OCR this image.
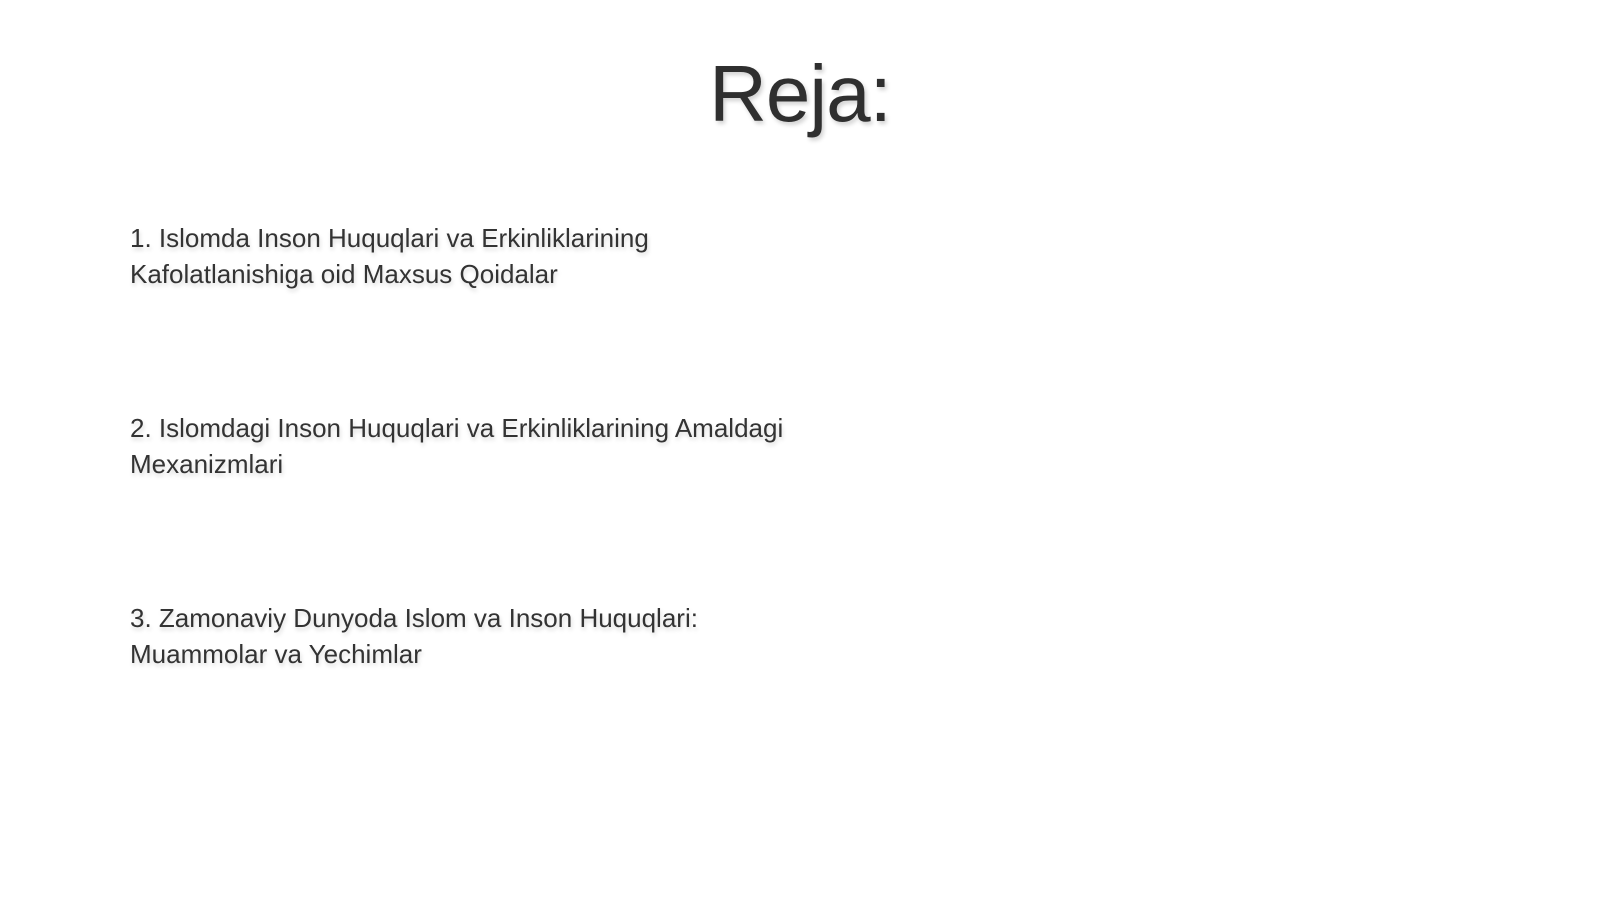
Reja:
1. Islomda Inson Huquqlari va Erkinliklarining
Kafolatlanishiga oid Maxsus Qoidalar
2. Islomdagi Inson Huquqlari va Erkinliklarining Amaldagi
Mexanizmlari
3. Zamonaviy Dunyoda Islom va Inson Huquqlari:
Muammolar va Yechimlar
